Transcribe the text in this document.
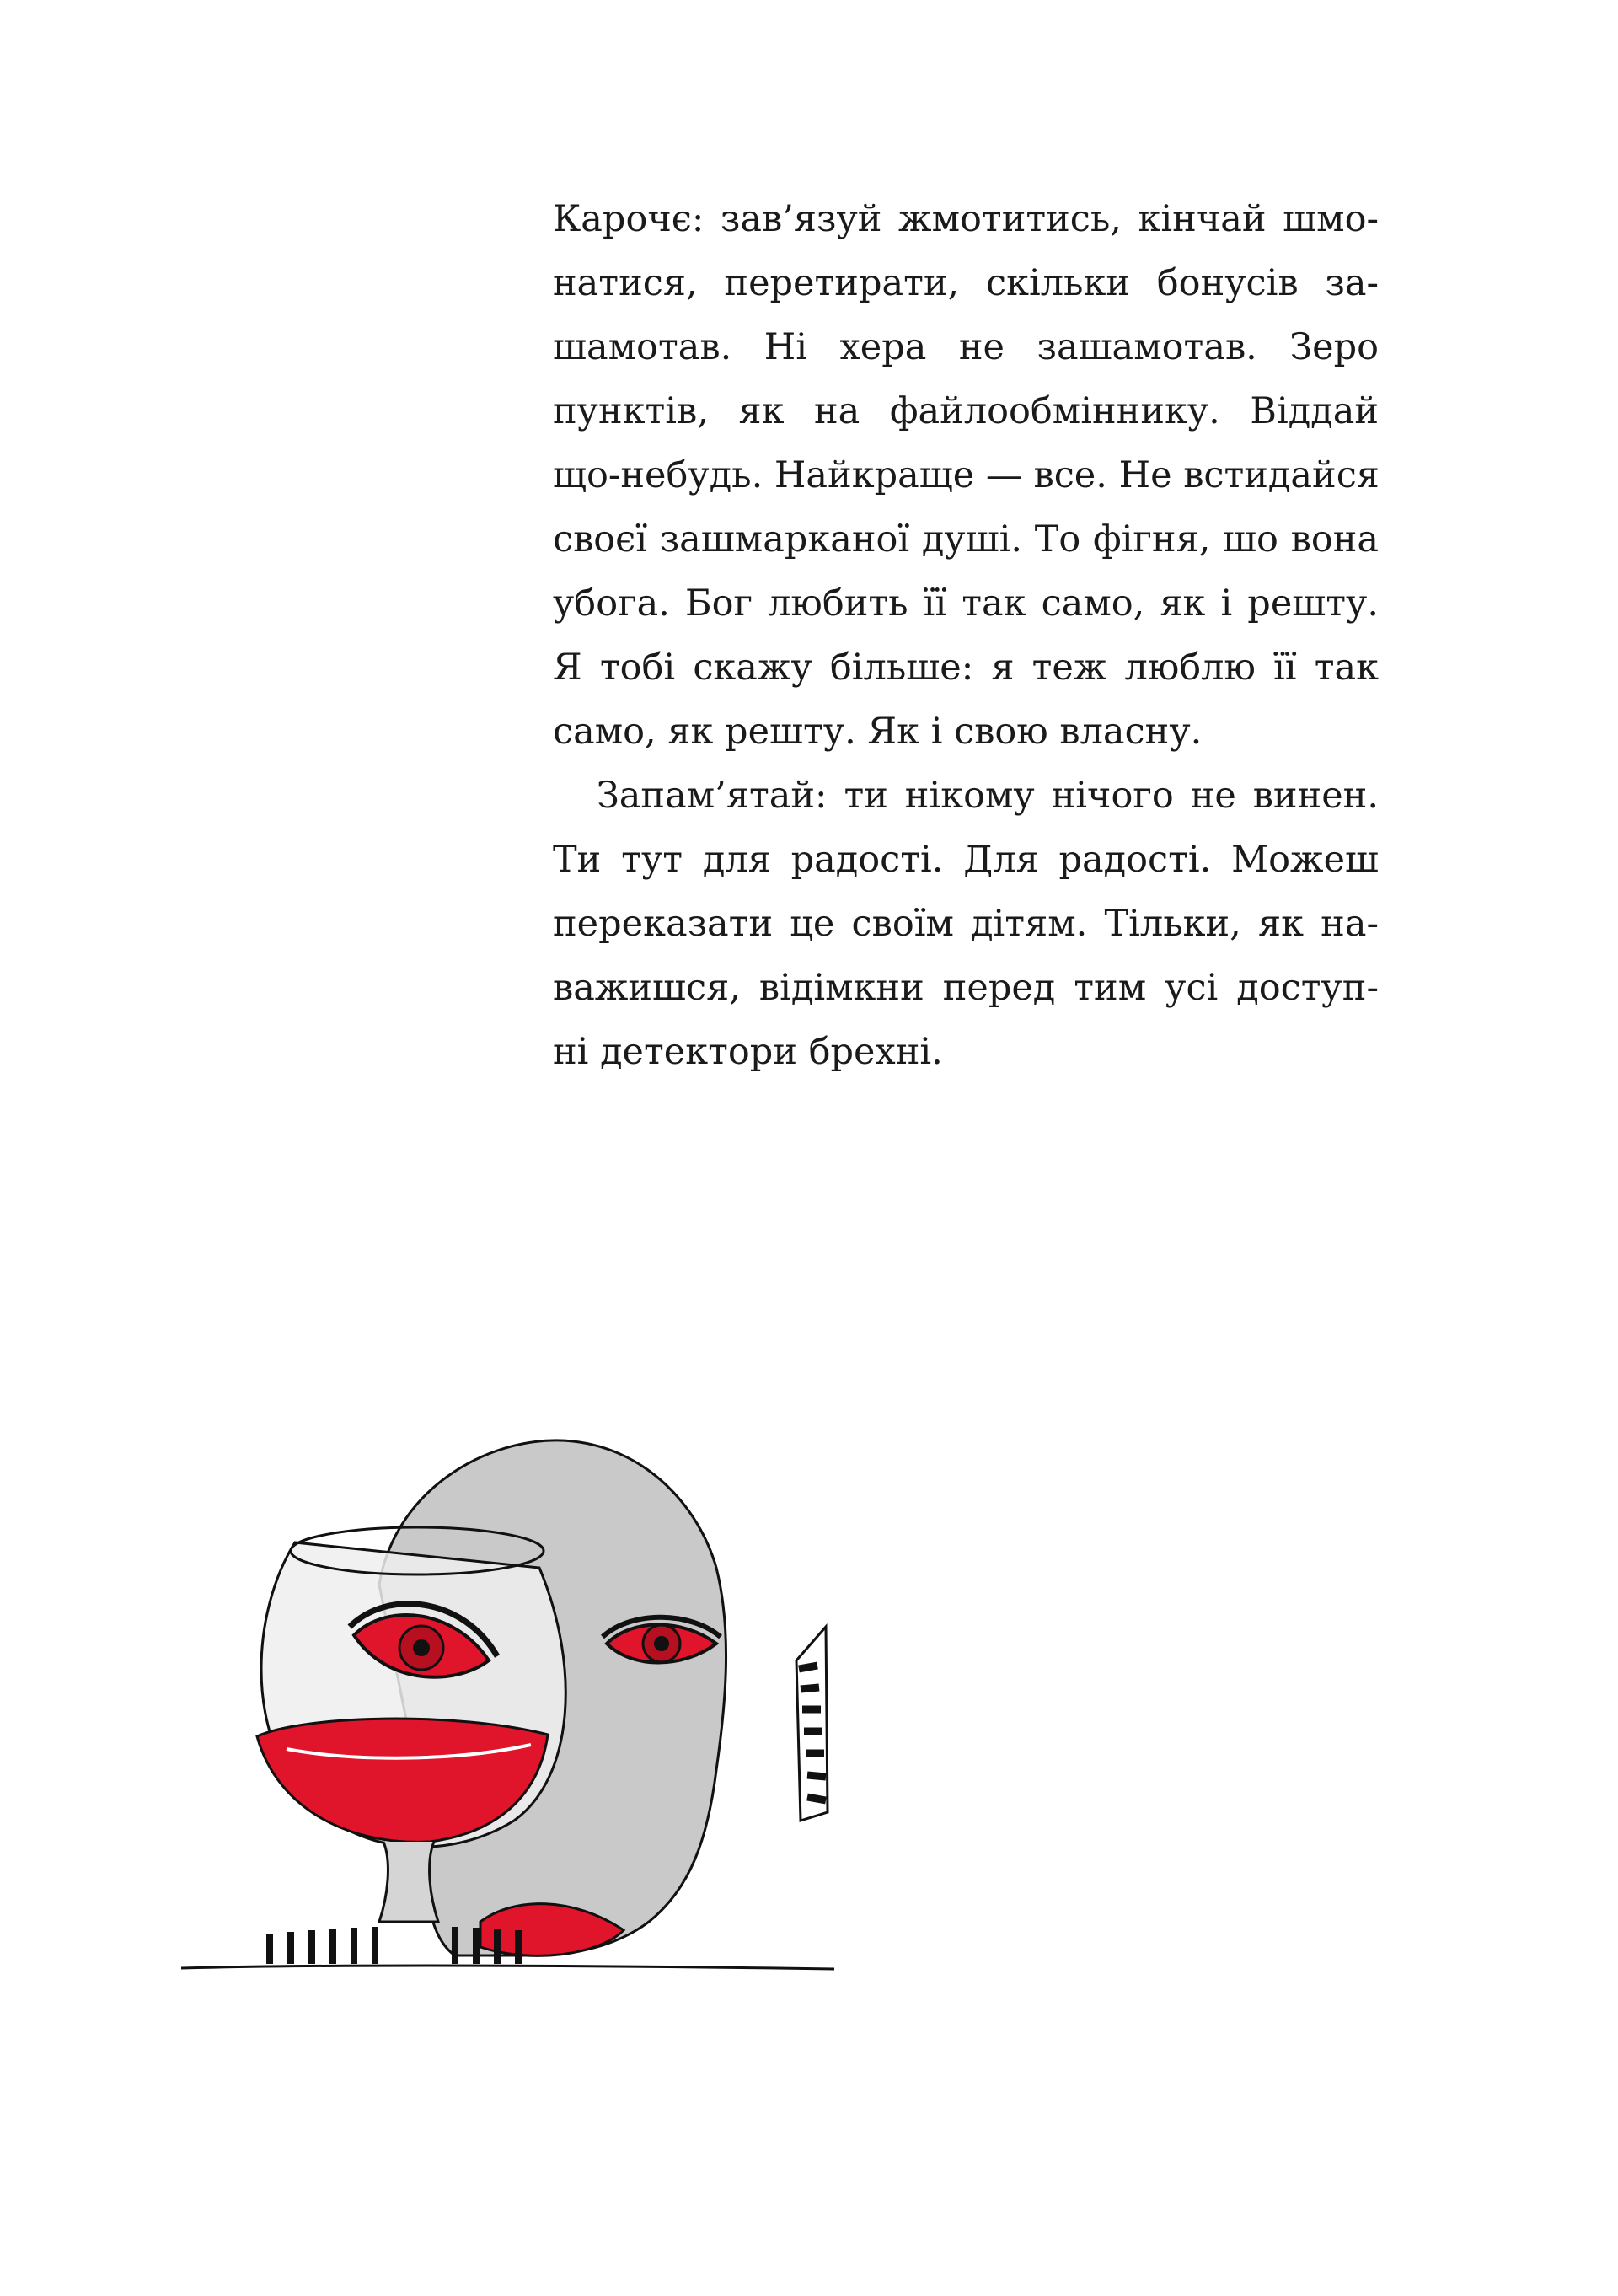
Карочє: зав’язуй жмотитись, кінчай шмо-
натися, перетирати, скільки бонусів за-
шамотав. Ні хера не зашамотав. Зеро
пунктів, як на файлообміннику. Віддай
що-небудь. Найкраще — все. Не встидайся
своєї зашмарканої душі. То фігня, шо вона
убога. Бог любить її так само, як і решту.
Я тобі скажу більше: я теж люблю її так
само, як решту. Як і свою власну.

Запам’ятай: ти нікому нічого не винен.
Ти тут для радості. Для радості. Можеш
переказати це своїм дітям. Тільки, як на-
важишся, відімкни перед тим усі доступ-
ні детектори брехні.
